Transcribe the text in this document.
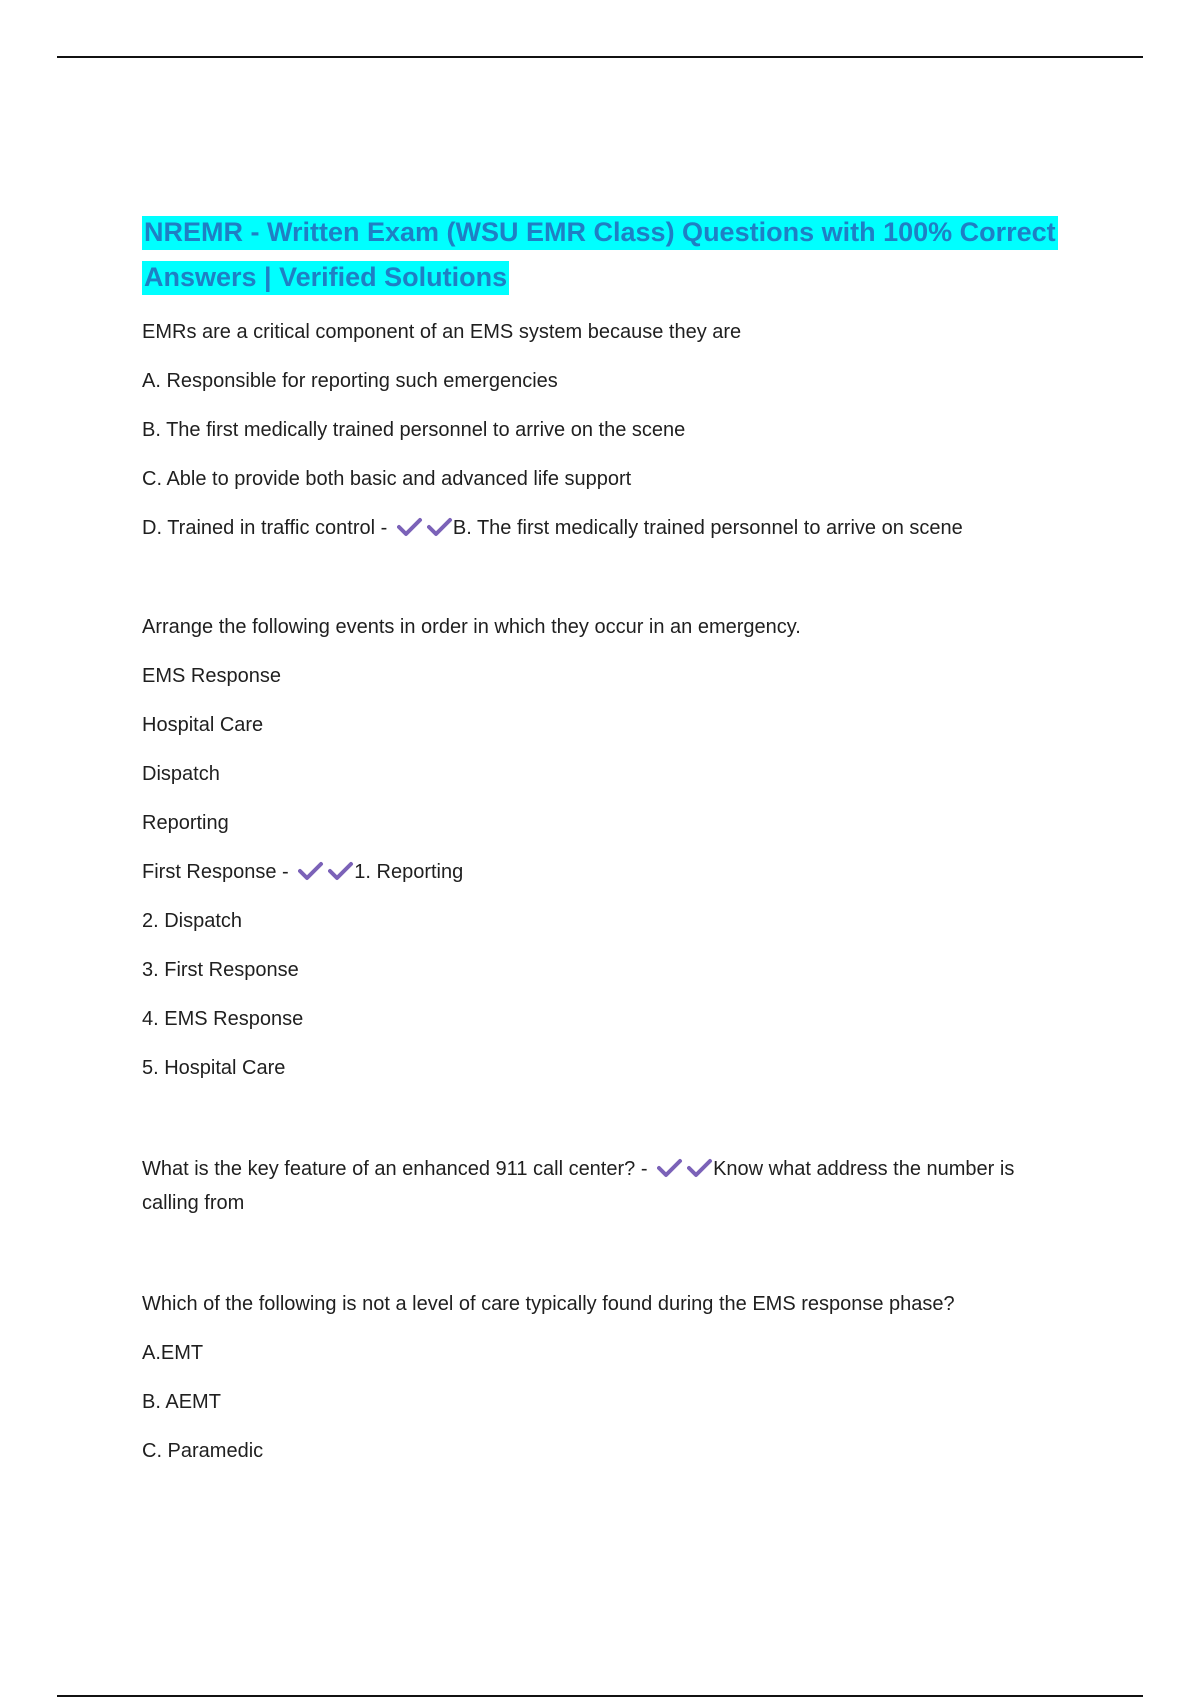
NREMR - Written Exam (WSU EMR Class) Questions with 100% Correct
Answers | Verified Solutions

EMRs are a critical component of an EMS system because they are

A. Responsible for reporting such emergencies

B. The first medically trained personnel to arrive on the scene

C. Able to provide both basic and advanced life support

D. Trained in traffic control -	B. The first medically trained personnel to arrive on scene

Arrange the following events in order in which they occur in an emergency.

EMS Response

Hospital Care

Dispatch

Reporting

First Response -	1. Reporting

2. Dispatch

3. First Response

4. EMS Response

5. Hospital Care

What is the key feature of an enhanced 911 call center? -	Know what address the number is calling from

Which of the following is not a level of care typically found during the EMS response phase?

A.EMT

B. AEMT

C. Paramedic
